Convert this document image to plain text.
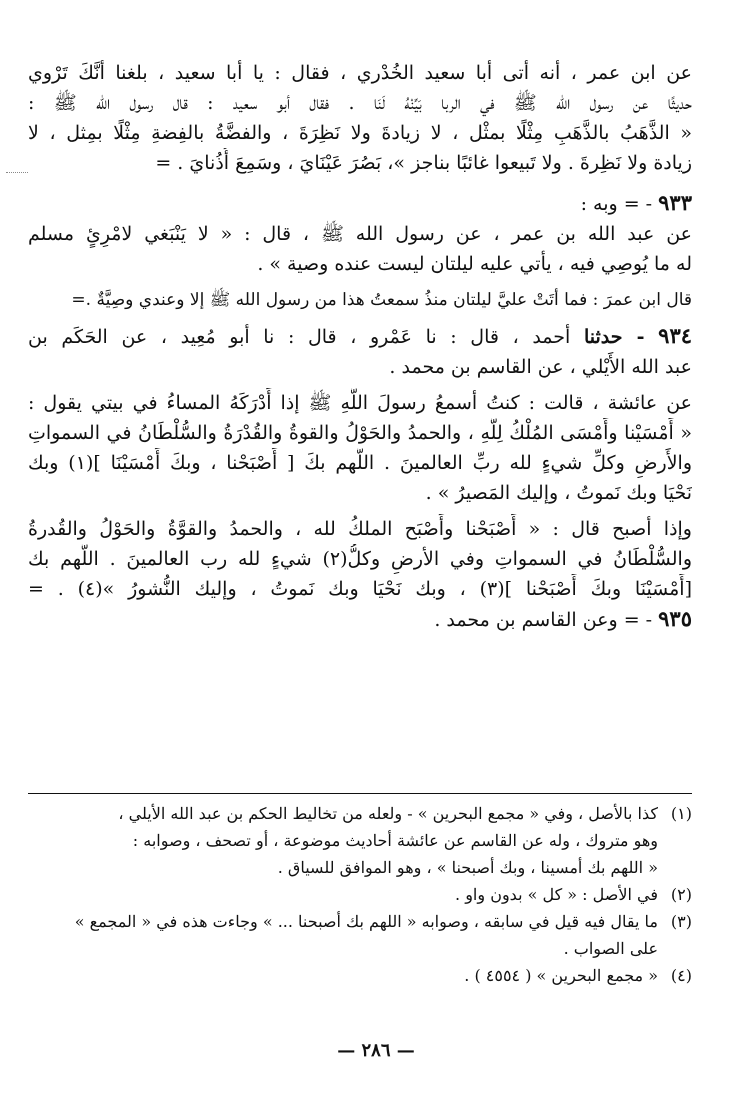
عن ابن عمر ، أنه أتى أبا سعيد الخُدْري ، فقال : يا أبا سعيد ، بلغنا أنَّكَ تَرْوي
حديثًا عن رسول الله ﷺ في الربا بَيِّنْهُ لَنَا . فقال أبو سعيد : قال رسول الله ﷺ :
« الذَّهَبُ بالذَّهَبِ مِثْلًا بمثْل ، لا زيادةَ ولا نَظِرَةَ ، والفضَّةُ بالفِضةِ مِثْلًا بمِثل ، لا
زيادة ولا نَظِرةَ . ولا تَبيعوا غائبًا بناجز »، بَصُرَ عَيْنَايَ ، وسَمِعَ أُذُنايَ . =
٩٣٣ - = وبه :
عن عبد الله بن عمر ، عن رسول الله ﷺ ، قال : « لا يَنْبَغي لامْرِئٍ مسلم
له ما يُوصِي فيه ، يأتي عليه ليلتان ليست عنده وصية » .
قال ابن عمرَ : فما أتَتْ عليَّ ليلتان منذُ سمعتُ هذا من رسول الله ﷺ إلا وعندي وصِيَّةٌ .=
٩٣٤ - حدثنا أحمد ، قال : نا عَمْرو ، قال : نا أبو مُعِيد ، عن الحَكَم بن
عبد الله الأَيْلي ، عن القاسم بن محمد .
عن عائشة ، قالت : كنتُ أسمعُ رسولَ اللَّهِ ﷺ إذا أَدْرَكَهُ المساءُ في بيتي يقول :
« أَمْسَيْنا وأَمْسَى المُلْكُ لِلَّهِ ، والحمدُ والحَوْلُ والقوةُ والقُدْرَةُ والسُّلْطَانُ في السمواتِ
والأَرضِ وكلِّ شيءٍ لله ربِّ العالمينَ . اللَّهم بكَ [ أَصْبَحْنا ، وبكَ أَمْسَيْنَا ](١) وبك
نَحْيَا وبك نَموتُ ، وإليك المَصيرُ » .
وإذا أصبح قال : « أَصْبَحْنا وأَصْبَح الملكُ لله ، والحمدُ والقوَّةُ والحَوْلُ والقُدرةُ
والسُّلْطَانُ في السمواتِ وفي الأرضِ وكلُّ(٢) شيءٍ لله رب العالمينَ . اللَّهم بك
[أَمْسَيْنَا وبكَ أَصْبَحْنا ](٣) ، وبك نَحْيَا وبك نَموتُ ، وإليك النُّشورُ »(٤) . =
٩٣٥ - = وعن القاسم بن محمد .
(١)كذا بالأصل ، وفي « مجمع البحرين » - ولعله من تخاليط الحكم بن عبد الله الأيلي ،
وهو متروك ، وله عن القاسم عن عائشة أحاديث موضوعة ، أو تصحف ، وصوابه :
« اللهم بك أمسينا ، وبك أصبحنا » ، وهو الموافق للسياق .
(٢)في الأصل : « كل » بدون واو .
(٣)ما يقال فيه قيل في سابقه ، وصوابه « اللهم بك أصبحنا ... » وجاءت هذه في « المجمع »
على الصواب .
(٤)« مجمع البحرين » ( ٤٥٥٤ ) .
— ٢٨٦ —
